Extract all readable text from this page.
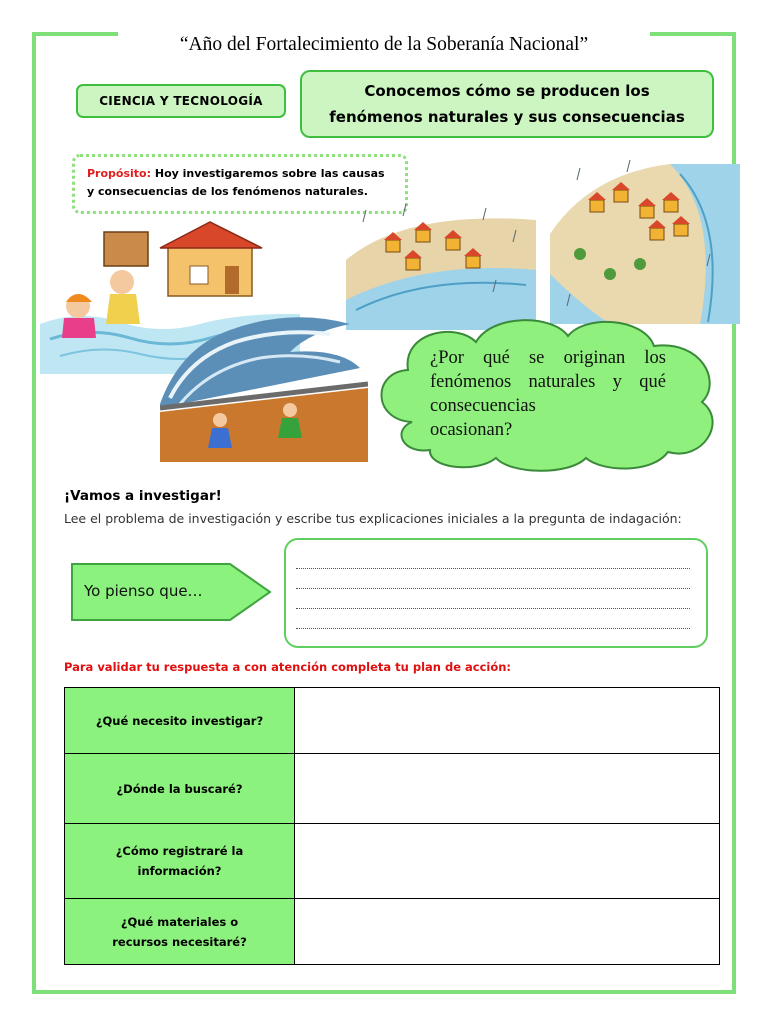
“Año del Fortalecimiento de la Soberanía Nacional”
CIENCIA Y TECNOLOGÍA
Conocemos cómo se producen los fenómenos naturales y sus consecuencias
Propósito: Hoy investigaremos sobre las causas y consecuencias de los fenómenos naturales.
¿Por qué se originan los fenómenos naturales y qué consecuencias
ocasionan?
¡Vamos a investigar!
Lee el problema de investigación y escribe tus explicaciones iniciales a la pregunta de indagación:
Yo pienso que…
Para validar tu respuesta a con atención completa tu plan de acción:
¿Qué necesito investigar?	
¿Dónde la buscaré?	
¿Cómo registraré la información?	
¿Qué materiales o recursos necesitaré?	
